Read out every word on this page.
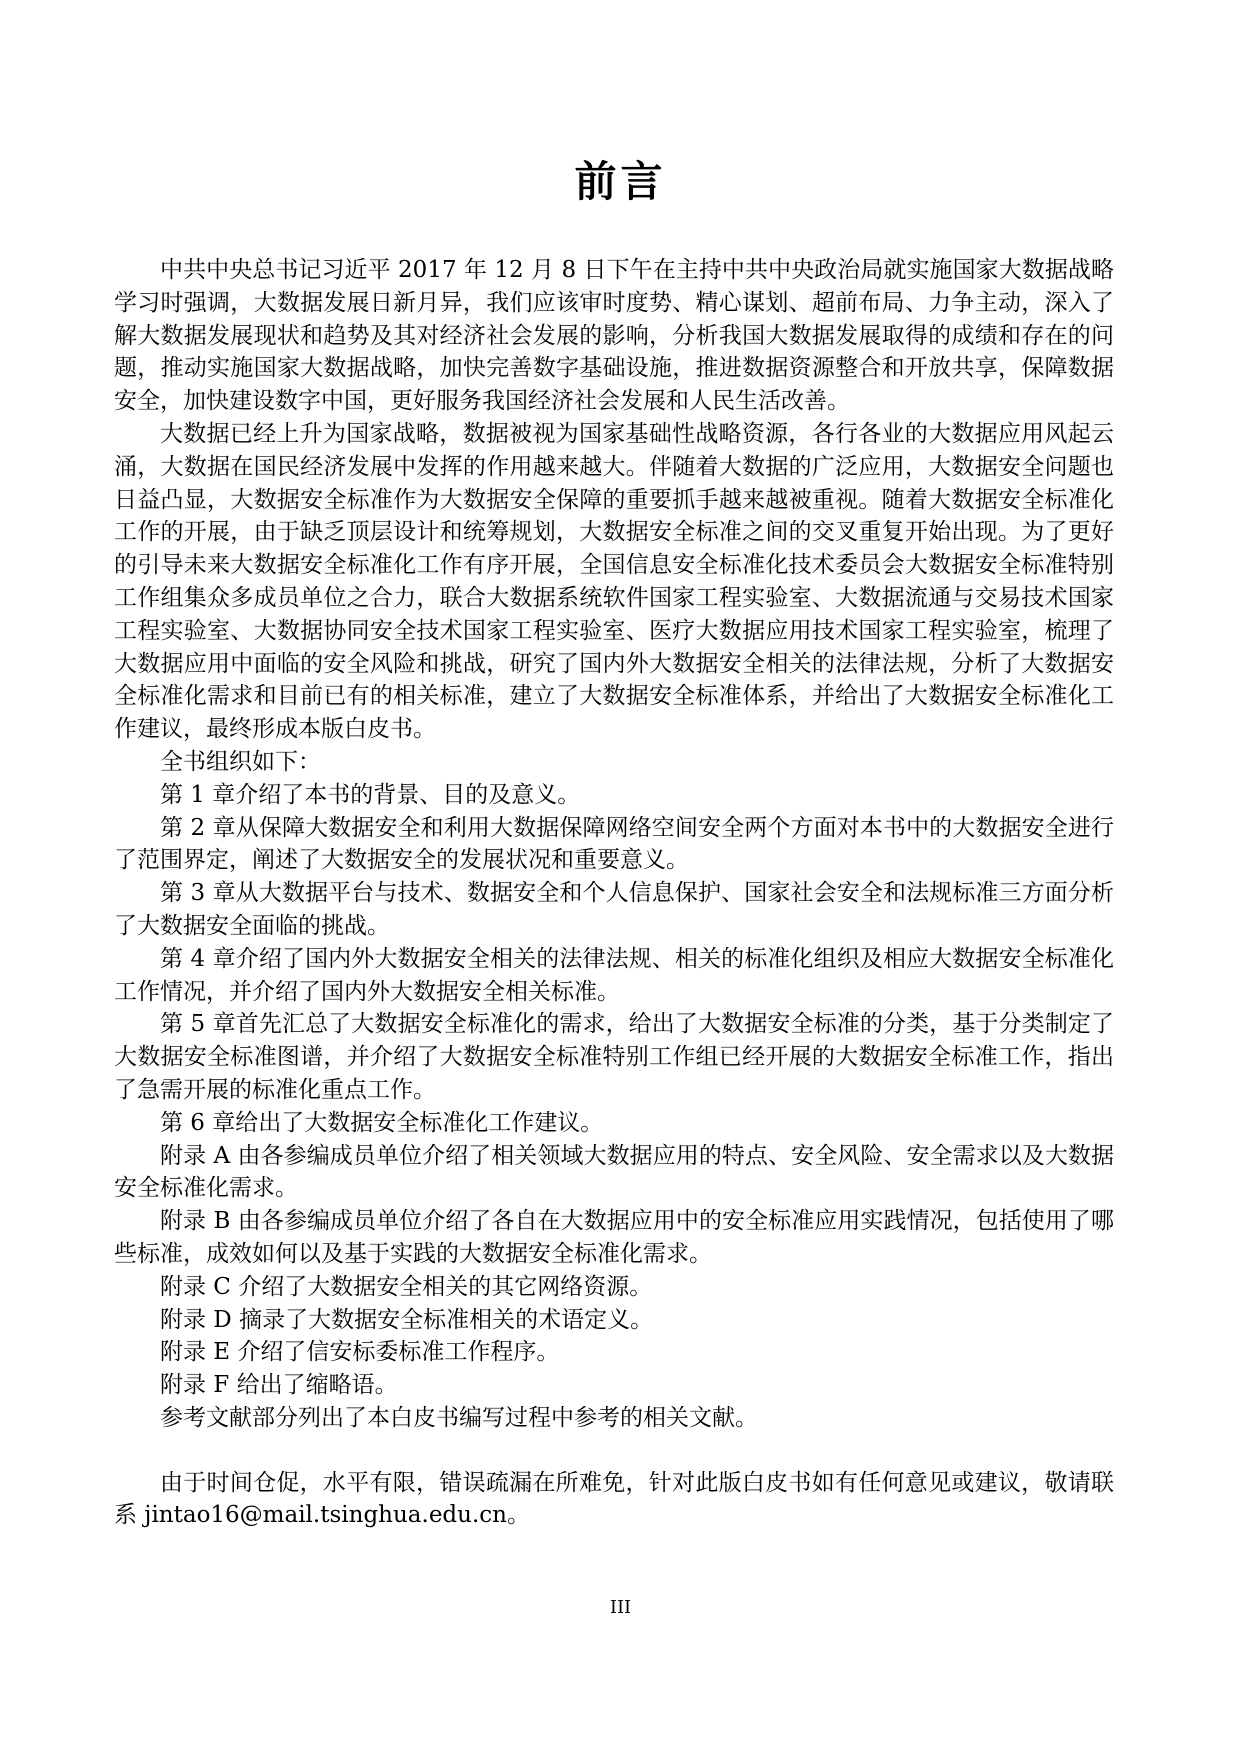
前言

中共中央总书记习近平 2017 年 12 月 8 日下午在主持中共中央政治局就实施国家大数据战略学习时强调，大数据发展日新月异，我们应该审时度势、精心谋划、超前布局、力争主动，深入了解大数据发展现状和趋势及其对经济社会发展的影响，分析我国大数据发展取得的成绩和存在的问题，推动实施国家大数据战略，加快完善数字基础设施，推进数据资源整合和开放共享，保障数据安全，加快建设数字中国，更好服务我国经济社会发展和人民生活改善。

大数据已经上升为国家战略，数据被视为国家基础性战略资源，各行各业的大数据应用风起云涌，大数据在国民经济发展中发挥的作用越来越大。伴随着大数据的广泛应用，大数据安全问题也日益凸显，大数据安全标准作为大数据安全保障的重要抓手越来越被重视。随着大数据安全标准化工作的开展，由于缺乏顶层设计和统筹规划，大数据安全标准之间的交叉重复开始出现。为了更好的引导未来大数据安全标准化工作有序开展，全国信息安全标准化技术委员会大数据安全标准特别工作组集众多成员单位之合力，联合大数据系统软件国家工程实验室、大数据流通与交易技术国家工程实验室、大数据协同安全技术国家工程实验室、医疗大数据应用技术国家工程实验室，梳理了大数据应用中面临的安全风险和挑战，研究了国内外大数据安全相关的法律法规，分析了大数据安全标准化需求和目前已有的相关标准，建立了大数据安全标准体系，并给出了大数据安全标准化工作建议，最终形成本版白皮书。

全书组织如下：

第 1 章介绍了本书的背景、目的及意义。

第 2 章从保障大数据安全和利用大数据保障网络空间安全两个方面对本书中的大数据安全进行了范围界定，阐述了大数据安全的发展状况和重要意义。

第 3 章从大数据平台与技术、数据安全和个人信息保护、国家社会安全和法规标准三方面分析了大数据安全面临的挑战。

第 4 章介绍了国内外大数据安全相关的法律法规、相关的标准化组织及相应大数据安全标准化工作情况，并介绍了国内外大数据安全相关标准。

第 5 章首先汇总了大数据安全标准化的需求，给出了大数据安全标准的分类，基于分类制定了大数据安全标准图谱，并介绍了大数据安全标准特别工作组已经开展的大数据安全标准工作，指出了急需开展的标准化重点工作。

第 6 章给出了大数据安全标准化工作建议。

附录 A 由各参编成员单位介绍了相关领域大数据应用的特点、安全风险、安全需求以及大数据安全标准化需求。

附录 B 由各参编成员单位介绍了各自在大数据应用中的安全标准应用实践情况，包括使用了哪些标准，成效如何以及基于实践的大数据安全标准化需求。

附录 C 介绍了大数据安全相关的其它网络资源。

附录 D 摘录了大数据安全标准相关的术语定义。

附录 E 介绍了信安标委标准工作程序。

附录 F 给出了缩略语。

参考文献部分列出了本白皮书编写过程中参考的相关文献。

由于时间仓促，水平有限，错误疏漏在所难免，针对此版白皮书如有任何意见或建议，敬请联系 jintao16@mail.tsinghua.edu.cn。

III
